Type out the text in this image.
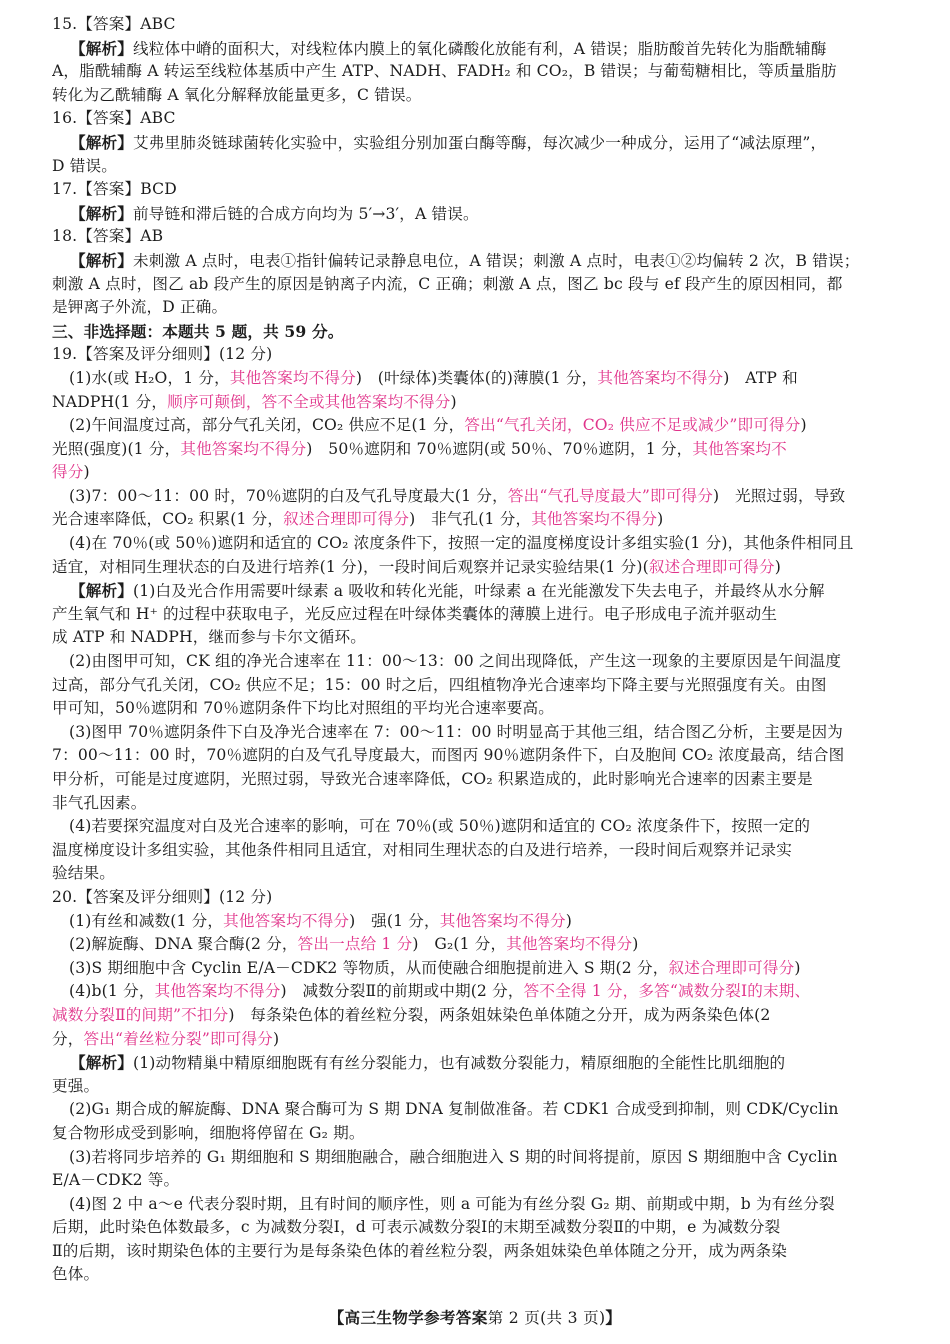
15.【答案】ABC
【解析】线粒体中嵴的面积大，对线粒体内膜上的氧化磷酸化放能有利，A 错误；脂肪酸首先转化为脂酰辅酶
A，脂酰辅酶 A 转运至线粒体基质中产生 ATP、NADH、FADH₂ 和 CO₂，B 错误；与葡萄糖相比，等质量脂肪
转化为乙酰辅酶 A 氧化分解释放能量更多，C 错误。
16.【答案】ABC
【解析】艾弗里肺炎链球菌转化实验中，实验组分别加蛋白酶等酶，每次减少一种成分，运用了“减法原理”，
D 错误。
17.【答案】BCD
【解析】前导链和滞后链的合成方向均为 5′→3′，A 错误。
18.【答案】AB
【解析】未刺激 A 点时，电表①指针偏转记录静息电位，A 错误；刺激 A 点时，电表①②均偏转 2 次，B 错误；
刺激 A 点时，图乙 ab 段产生的原因是钠离子内流，C 正确；刺激 A 点，图乙 bc 段与 ef 段产生的原因相同，都
是钾离子外流，D 正确。
三、非选择题：本题共 5 题，共 59 分。
19.【答案及评分细则】(12 分)
(1)水(或 H₂O，1 分，其他答案均不得分)　(叶绿体)类囊体(的)薄膜(1 分，其他答案均不得分)　ATP 和
NADPH(1 分，顺序可颠倒，答不全或其他答案均不得分)
(2)午间温度过高，部分气孔关闭，CO₂ 供应不足(1 分，答出“气孔关闭，CO₂ 供应不足或减少”即可得分)
光照(强度)(1 分，其他答案均不得分)　50％遮阴和 70％遮阴(或 50％、70％遮阴，1 分，其他答案均不
得分)
(3)7：00～11：00 时，70％遮阴的白及气孔导度最大(1 分，答出“气孔导度最大”即可得分)　光照过弱，导致
光合速率降低，CO₂ 积累(1 分，叙述合理即可得分)　非气孔(1 分，其他答案均不得分)
(4)在 70％(或 50％)遮阴和适宜的 CO₂ 浓度条件下，按照一定的温度梯度设计多组实验(1 分)，其他条件相同且
适宜，对相同生理状态的白及进行培养(1 分)，一段时间后观察并记录实验结果(1 分)(叙述合理即可得分)
【解析】(1)白及光合作用需要叶绿素 a 吸收和转化光能，叶绿素 a 在光能激发下失去电子，并最终从水分解
产生氧气和 H⁺ 的过程中获取电子，光反应过程在叶绿体类囊体的薄膜上进行。电子形成电子流并驱动生
成 ATP 和 NADPH，继而参与卡尔文循环。
(2)由图甲可知，CK 组的净光合速率在 11：00～13：00 之间出现降低，产生这一现象的主要原因是午间温度
过高，部分气孔关闭，CO₂ 供应不足；15：00 时之后，四组植物净光合速率均下降主要与光照强度有关。由图
甲可知，50％遮阴和 70％遮阴条件下均比对照组的平均光合速率要高。
(3)图甲 70％遮阴条件下白及净光合速率在 7：00～11：00 时明显高于其他三组，结合图乙分析，主要是因为
7：00～11：00 时，70％遮阴的白及气孔导度最大，而图丙 90％遮阴条件下，白及胞间 CO₂ 浓度最高，结合图
甲分析，可能是过度遮阴，光照过弱，导致光合速率降低，CO₂ 积累造成的，此时影响光合速率的因素主要是
非气孔因素。
(4)若要探究温度对白及光合速率的影响，可在 70％(或 50％)遮阴和适宜的 CO₂ 浓度条件下，按照一定的
温度梯度设计多组实验，其他条件相同且适宜，对相同生理状态的白及进行培养，一段时间后观察并记录实
验结果。
20.【答案及评分细则】(12 分)
(1)有丝和减数(1 分，其他答案均不得分)　强(1 分，其他答案均不得分)
(2)解旋酶、DNA 聚合酶(2 分，答出一点给 1 分)　G₂(1 分，其他答案均不得分)
(3)S 期细胞中含 Cyclin E/A－CDK2 等物质，从而使融合细胞提前进入 S 期(2 分，叙述合理即可得分)
(4)b(1 分，其他答案均不得分)　减数分裂Ⅱ的前期或中期(2 分，答不全得 1 分，多答“减数分裂Ⅰ的末期、
减数分裂Ⅱ的间期”不扣分)　每条染色体的着丝粒分裂，两条姐妹染色单体随之分开，成为两条染色体(2
分，答出“着丝粒分裂”即可得分)
【解析】(1)动物精巢中精原细胞既有有丝分裂能力，也有减数分裂能力，精原细胞的全能性比肌细胞的
更强。
(2)G₁ 期合成的解旋酶、DNA 聚合酶可为 S 期 DNA 复制做准备。若 CDK1 合成受到抑制，则 CDK/Cyclin
复合物形成受到影响，细胞将停留在 G₂ 期。
(3)若将同步培养的 G₁ 期细胞和 S 期细胞融合，融合细胞进入 S 期的时间将提前，原因 S 期细胞中含 Cyclin
E/A－CDK2 等。
(4)图 2 中 a～e 代表分裂时期，且有时间的顺序性，则 a 可能为有丝分裂 G₂ 期、前期或中期，b 为有丝分裂
后期，此时染色体数最多，c 为减数分裂Ⅰ，d 可表示减数分裂Ⅰ的末期至减数分裂Ⅱ的中期，e 为减数分裂
Ⅱ的后期，该时期染色体的主要行为是每条染色体的着丝粒分裂，两条姐妹染色单体随之分开，成为两条染
色体。
【高三生物学参考答案第 2 页(共 3 页)】
